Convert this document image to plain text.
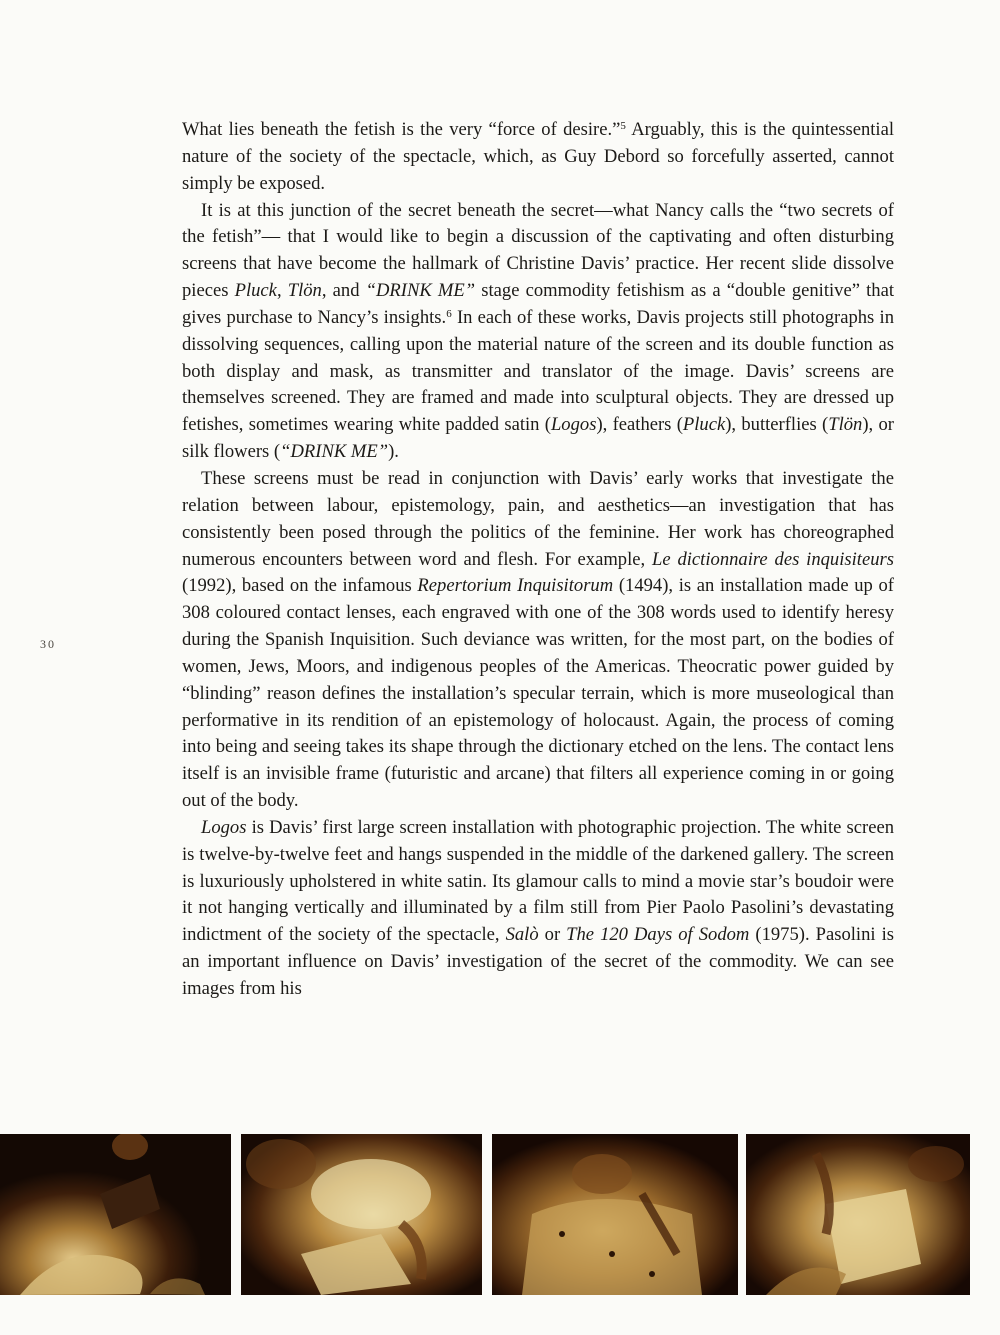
30

What lies beneath the fetish is the very “force of desire.”$^5$ Arguably, this is the quintessential nature of the society of the spectacle, which, as Guy Debord so forcefully asserted, cannot simply be exposed.

It is at this junction of the secret beneath the secret—what Nancy calls the “two secrets of the fetish”— that I would like to begin a discussion of the captivating and often disturbing screens that have become the hallmark of Christine Davis’ practice. Her recent slide dissolve pieces Pluck, Tlön, and “DRINK ME” stage commodity fetishism as a “double genitive” that gives purchase to Nancy’s insights.$^6$ In each of these works, Davis projects still photographs in dissolving sequences, calling upon the material nature of the screen and its double function as both display and mask, as transmitter and translator of the image. Davis’ screens are themselves screened. They are framed and made into sculptural objects. They are dressed up fetishes, sometimes wearing white padded satin (Logos), feathers (Pluck), butterflies (Tlön), or silk flowers (“DRINK ME”).

These screens must be read in conjunction with Davis’ early works that investigate the relation between labour, epistemology, pain, and aesthetics—an investigation that has consistently been posed through the politics of the feminine. Her work has choreographed numerous encounters between word and flesh. For example, Le dictionnaire des inquisiteurs (1992), based on the infamous Repertorium Inquisitorum (1494), is an installation made up of 308 coloured contact lenses, each engraved with one of the 308 words used to identify heresy during the Spanish Inquisition. Such deviance was written, for the most part, on the bodies of women, Jews, Moors, and indigenous peoples of the Americas. Theocratic power guided by “blinding” reason defines the installation’s specular terrain, which is more museological than performative in its rendition of an epistemology of holocaust. Again, the process of coming into being and seeing takes its shape through the dictionary etched on the lens. The contact lens itself is an invisible frame (futuristic and arcane) that filters all experience coming in or going out of the body.

Logos is Davis’ first large screen installation with photographic projection. The white screen is twelve-by-twelve feet and hangs suspended in the middle of the darkened gallery. The screen is luxuriously upholstered in white satin. Its glamour calls to mind a movie star’s boudoir were it not hanging vertically and illuminated by a film still from Pier Paolo Pasolini’s devastating indictment of the society of the spectacle, Salò or The 120 Days of Sodom (1975). Pasolini is an important influence on Davis’ investigation of the secret of the commodity. We can see images from his
